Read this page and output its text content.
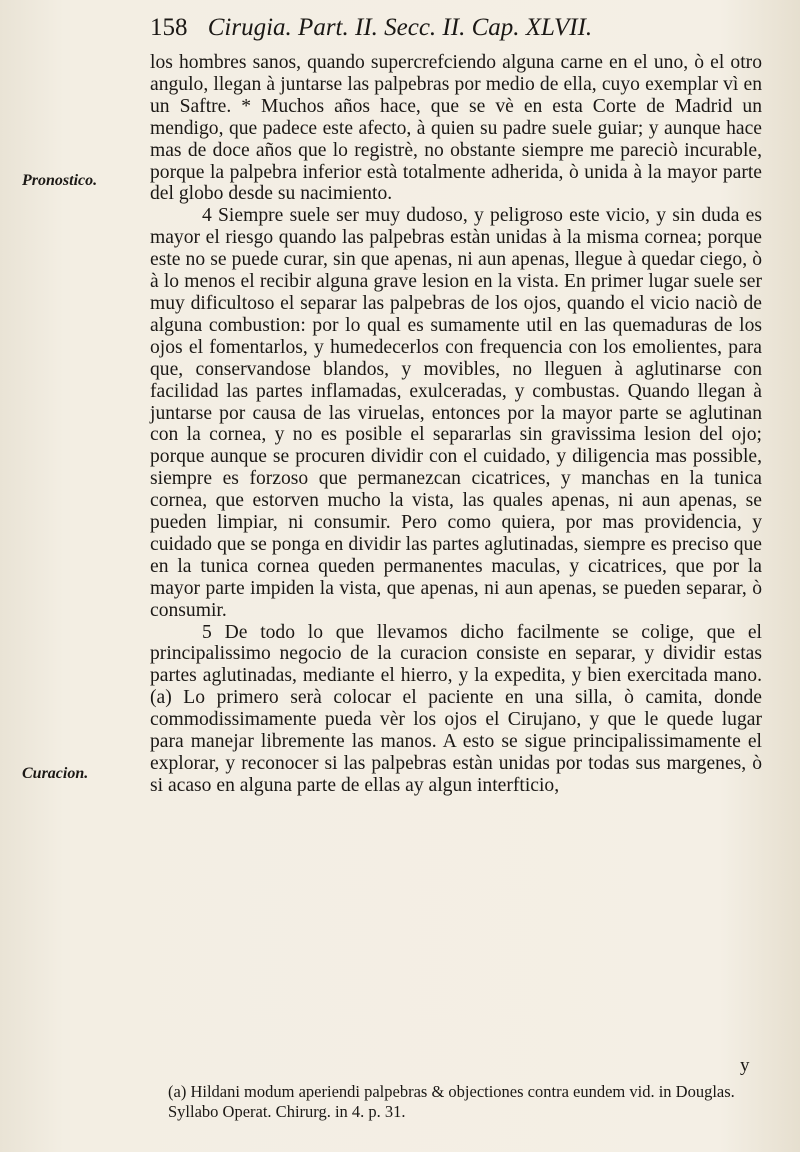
158 Cirugia. Part. II. Secc. II. Cap. XLVII.
Pronostico.
Curacion.

los hombres sanos, quando supercrefciendo alguna carne en el uno, ò el otro angulo, llegan à juntarse las palpebras por medio de ella, cuyo exemplar vì en un Saftre. * Muchos años hace, que se vè en esta Corte de Madrid un mendigo, que padece este afecto, à quien su padre suele guiar; y aunque hace mas de doce años que lo registrè, no obstante siempre me pareciò incurable, porque la palpebra inferior està totalmente adherida, ò unida à la mayor parte del globo desde su nacimiento.

4 Siempre suele ser muy dudoso, y peligroso este vicio, y sin duda es mayor el riesgo quando las palpebras estàn unidas à la misma cornea; porque este no se puede curar, sin que apenas, ni aun apenas, llegue à quedar ciego, ò à lo menos el recibir alguna grave lesion en la vista. En primer lugar suele ser muy dificultoso el separar las palpebras de los ojos, quando el vicio naciò de alguna combustion: por lo qual es sumamente util en las quemaduras de los ojos el fomentarlos, y humedecerlos con frequencia con los emolientes, para que, conservandose blandos, y movibles, no lleguen à aglutinarse con facilidad las partes inflamadas, exulceradas, y combustas. Quando llegan à juntarse por causa de las viruelas, entonces por la mayor parte se aglutinan con la cornea, y no es posible el separarlas sin gravissima lesion del ojo; porque aunque se procuren dividir con el cuidado, y diligencia mas possible, siempre es forzoso que permanezcan cicatrices, y manchas en la tunica cornea, que estorven mucho la vista, las quales apenas, ni aun apenas, se pueden limpiar, ni consumir. Pero como quiera, por mas providencia, y cuidado que se ponga en dividir las partes aglutinadas, siempre es preciso que en la tunica cornea queden permanentes maculas, y cicatrices, que por la mayor parte impiden la vista, que apenas, ni aun apenas, se pueden separar, ò consumir.

5 De todo lo que llevamos dicho facilmente se colige, que el principalissimo negocio de la curacion consiste en separar, y dividir estas partes aglutinadas, mediante el hierro, y la expedita, y bien exercitada mano. (a) Lo primero serà colocar el paciente en una silla, ò camita, donde commodissimamente pueda vèr los ojos el Cirujano, y que le quede lugar para manejar libremente las manos. A esto se sigue principalissimamente el explorar, y reconocer si las palpebras estàn unidas por todas sus margenes, ò si acaso en alguna parte de ellas ay algun interfticio,

y
(a) Hildani modum aperiendi palpebras & objectiones contra eundem vid. in Douglas. Syllabo Operat. Chirurg. in 4. p. 31.
